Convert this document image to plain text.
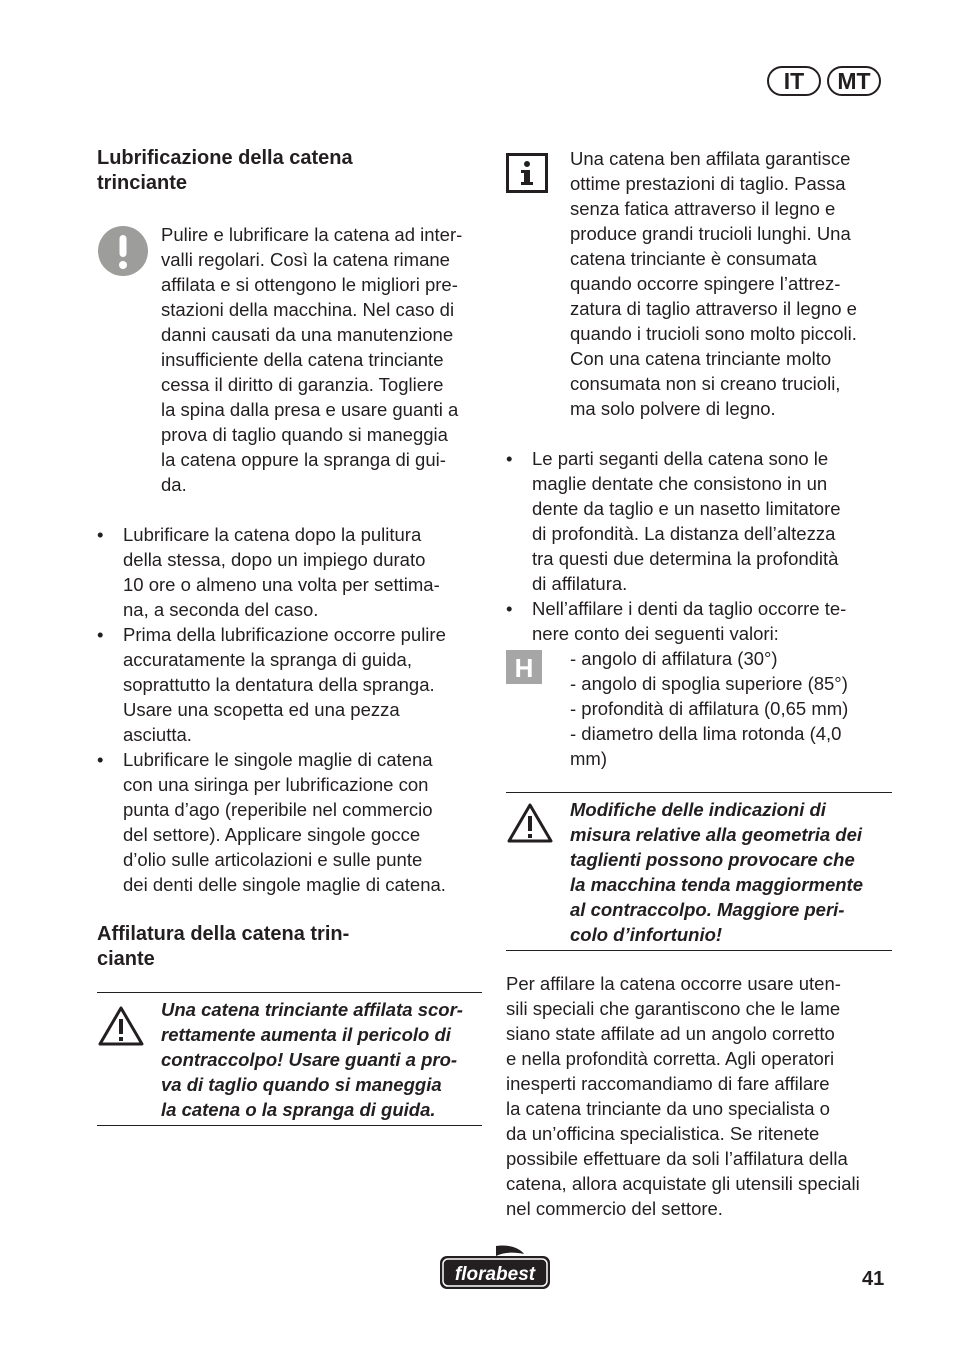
IT	MT
Lubrificazione della catena trinciante
Pulire e lubrificare la catena ad inter-
valli regolari. Così la catena rimane
affilata e si ottengono le migliori pre-
stazioni della macchina. Nel caso di
danni causati da una manutenzione
insufficiente della catena trinciante
cessa il diritto di garanzia. Togliere
la spina dalla presa e usare guanti a
prova di taglio quando si maneggia
la catena oppure la spranga di gui-
da.
• Lubrificare la catena dopo la pulitura
della stessa, dopo un impiego durato
10 ore o almeno una volta per settima-
na, a seconda del caso.
• Prima della lubrificazione occorre pulire
accuratamente la spranga di guida,
soprattutto la dentatura della spranga.
Usare una scopetta ed una pezza
asciutta.
• Lubrificare le singole maglie di catena
con una siringa per lubrificazione con
punta d’ago (reperibile nel commercio
del settore). Applicare singole gocce
d’olio sulle articolazioni e sulle punte
dei denti delle singole maglie di catena.
Affilatura della catena trin-
ciante
Una catena trinciante affilata scor-
rettamente aumenta il pericolo di
contraccolpo! Usare guanti a pro-
va di taglio quando si maneggia
la catena o la spranga di guida.
Una catena ben affilata garantisce
ottime prestazioni di taglio. Passa
senza fatica attraverso il legno e
produce grandi trucioli lunghi. Una
catena trinciante è consumata
quando occorre spingere l’attrez-
zatura di taglio attraverso il legno e
quando i trucioli sono molto piccoli.
Con una catena trinciante molto
consumata non si creano trucioli,
ma solo polvere di legno.
• Le parti seganti della catena sono le
maglie dentate che consistono in un
dente da taglio e un nasetto limitatore
di profondità. La distanza dell’altezza
tra questi due determina la profondità
di affilatura.
• Nell’affilare i denti da taglio occorre te-
nere conto dei seguenti valori:
H - angolo di affilatura (30°)
- angolo di spoglia superiore (85°)
- profondità di affilatura (0,65 mm)
- diametro della lima rotonda (4,0
mm)
Modifiche delle indicazioni di
misura relative alla geometria dei
taglienti possono provocare che
la macchina tenda maggiormente
al contraccolpo. Maggiore peri-
colo d’infortunio!
Per affilare la catena occorre usare uten-
sili speciali che garantiscono che le lame
siano state affilate ad un angolo corretto
e nella profondità corretta. Agli operatori
inesperti raccomandiamo di fare affilare
la catena trinciante da uno specialista o
da un’officina specialistica. Se ritenete
possibile effettuare da soli l’affilatura della
catena, allora acquistate gli utensili speciali
nel commercio del settore.
florabest	41
